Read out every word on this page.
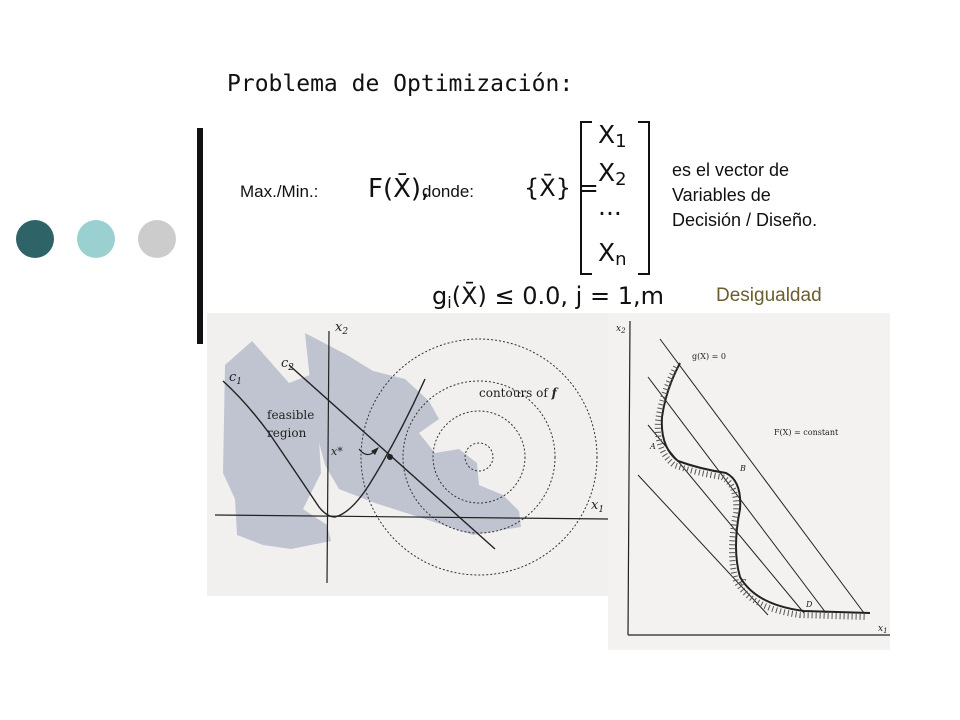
Problema de Optimización:
Max./Min.: F(X̄),
donde: {X̄} =
$X_1$
$X_2$
...
$X_n$
es el vector de
Variables de
Decisión / Diseño.
$g_i(X̄) \le 0.0$, j = 1,m	Desigualdad
$x_2$
$x_1$
$c_1$
$c_2$
feasible
region
contours of f
x*
$x_2$
$x_1$
g(X) = 0
F(X) = constant
A
B
C
D
